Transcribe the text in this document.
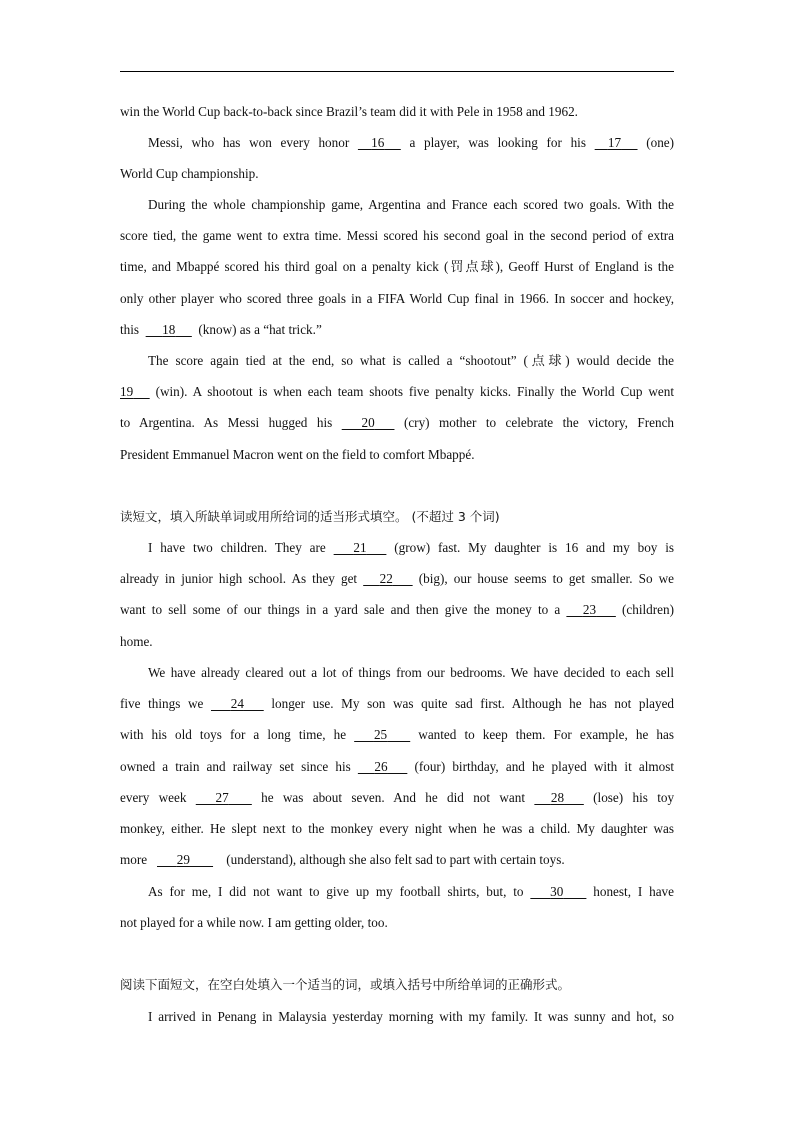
win the World Cup back-to-back since Brazil’s team did it with Pele in 1958 and 1962.
Messi, who has won every honor 16 a player, was looking for his 17 (one)
World Cup championship.
During the whole championship game, Argentina and France each scored two goals. With the
score tied, the game went to extra time. Messi scored his second goal in the second period of extra
time, and Mbappé scored his third goal on a penalty kick (罚点球), Geoff Hurst of England is the
only other player who scored three goals in a FIFA World Cup final in 1966. In soccer and hockey,
this 18 (know) as a “hat trick.”
The score again tied at the end, so what is called a “shootout” (点球) would decide the
19 (win). A shootout is when each team shoots five penalty kicks. Finally the World Cup went
to Argentina. As Messi hugged his 20 (cry) mother to celebrate the victory, French
President Emmanuel Macron went on the field to comfort Mbappé.
读短文，填入所缺单词或用所给词的适当形式填空。 (不超过 3 个词)
I have two children. They are 21 (grow) fast. My daughter is 16 and my boy is
already in junior high school. As they get 22 (big), our house seems to get smaller. So we
want to sell some of our things in a yard sale and then give the money to a 23 (children)
home.
We have already cleared out a lot of things from our bedrooms. We have decided to each sell
five things we 24 longer use. My son was quite sad first. Although he has not played
with his old toys for a long time, he 25 wanted to keep them. For example, he has
owned a train and railway set since his 26 (four) birthday, and he played with it almost
every week 27 he was about seven. And he did not want 28 (lose) his toy
monkey, either. He slept next to the monkey every night when he was a child. My daughter was
more 29	(understand), although she also felt sad to part with certain toys.
As for me, I did not want to give up my football shirts, but, to 30 honest, I have
not played for a while now. I am getting older, too.
阅读下面短文，在空白处填入一个适当的词，或填入括号中所给单词的正确形式。
I arrived in Penang in Malaysia yesterday morning with my family. It was sunny and hot, so
